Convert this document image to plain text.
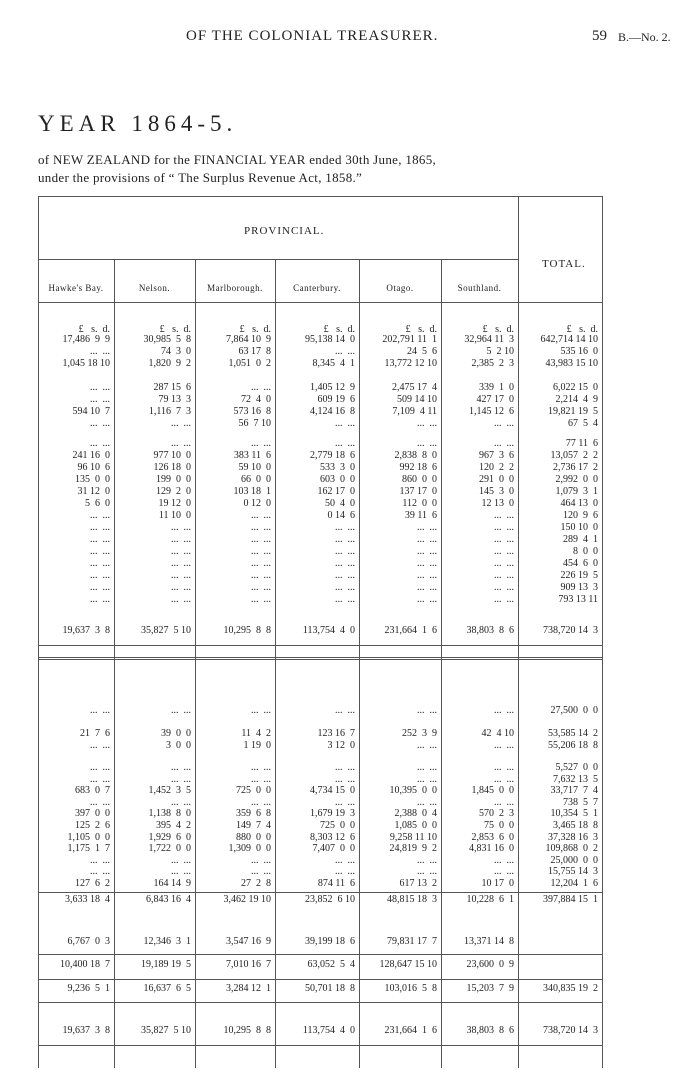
OF THE COLONIAL TREASURER.	59 B.—No. 2.
YEAR 1864-5.
of NEW ZEALAND for the FINANCIAL YEAR ended 30th June, 1865,
under the provisions of “ The Surplus Revenue Act, 1858.”
PROVINCIAL.
TOTAL.
Hawke's Bay.	Nelson.	Marlborough.	Canterbury.	Otago.	Southland.
£   s.  d.	£   s.  d.	£   s.  d.	£   s.  d.	£   s.  d.	£   s.  d.	£   s.  d.
17,486  9  9	30,985  5  8	7,864 10  9	95,138 14  0	202,791 11  1	32,964 11  3	642,714 14 10
...  ...	74  3  0	63 17  8	...  ...	24  5  6	5  2 10	535 16  0
1,045 18 10	1,820  9  2	1,051  0  2	8,345  4  1	13,772 12 10	2,385  2  3	43,983 15 10
...  ...	287 15  6	...  ...	1,405 12  9	2,475 17  4	339  1  0	6,022 15  0
...  ...	79 13  3	72  4  0	609 19  6	509 14 10	427 17  0	2,214  4  9
594 10  7	1,116  7  3	573 16  8	4,124 16  8	7,109  4 11	1,145 12  6	19,821 19  5
...  ...	...  ...	56  7 10	...  ...	...  ...	...  ...	67  5  4
...  ...	...  ...	...  ...	...  ...	...  ...	...  ...	77 11  6
241 16  0	977 10  0	383 11  6	2,779 18  6	2,838  8  0	967  3  6	13,057  2  2
96 10  6	126 18  0	59 10  0	533  3  0	992 18  6	120  2  2	2,736 17  2
135  0  0	199  0  0	66  0  0	603  0  0	860  0  0	291  0  0	2,992  0  0
31 12  0	129  2  0	103 18  1	162 17  0	137 17  0	145  3  0	1,079  3  1
5  6  0	19 12  0	0 12  0	50  4  0	112  0  0	12 13  0	464 13  0
...  ...	11 10  0	...  ...	0 14  6	39 11  6	...  ...	120  9  6
...  ...	...  ...	...  ...	...  ...	...  ...	...  ...	150 10  0
...  ...	...  ...	...  ...	...  ...	...  ...	...  ...	289  4  1
...  ...	...  ...	...  ...	...  ...	...  ...	...  ...	8  0  0
...  ...	...  ...	...  ...	...  ...	...  ...	...  ...	454  6  0
...  ...	...  ...	...  ...	...  ...	...  ...	...  ...	226 19  5
...  ...	...  ...	...  ...	...  ...	...  ...	...  ...	909 13  3
...  ...	...  ...	...  ...	...  ...	...  ...	...  ...	793 13 11
19,637  3  8	35,827  5 10	10,295  8  8	113,754  4  0	231,664  1  6	38,803  8  6	738,720 14  3
...  ...	...  ...	...  ...	...  ...	...  ...	...  ...	27,500  0  0
21  7  6	39  0  0	11  4  2	123 16  7	252  3  9	42  4 10	53,585 14  2
...  ...	3  0  0	1 19  0	3 12  0	...  ...	...  ...	55,206 18  8
...  ...	...  ...	...  ...	...  ...	...  ...	...  ...	5,527  0  0
...  ...	...  ...	...  ...	...  ...	...  ...	...  ...	7,632 13  5
683  0  7	1,452  3  5	725  0  0	4,734 15  0	10,395  0  0	1,845  0  0	33,717  7  4
...  ...	...  ...	...  ...	...  ...	...  ...	...  ...	738  5  7
397  0  0	1,138  8  0	359  6  8	1,679 19  3	2,388  0  4	570  2  3	10,354  5  1
125  2  6	395  4  2	149  7  4	725  0  0	1,085  0  0	75  0  0	3,465 18  8
1,105  0  0	1,929  6  0	880  0  0	8,303 12  6	9,258 11 10	2,853  6  0	37,328 16  3
1,175  1  7	1,722  0  0	1,309  0  0	7,407  0  0	24,819  9  2	4,831 16  0	109,868  0  2
...  ...	...  ...	...  ...	...  ...	...  ...	...  ...	25,000  0  0
...  ...	...  ...	...  ...	...  ...	...  ...	...  ...	15,755 14  3
127  6  2	164 14  9	27  2  8	874 11  6	617 13  2	10 17  0	12,204  1  6
3,633 18  4	6,843 16  4	3,462 19 10	23,852  6 10	48,815 18  3	10,228  6  1	397,884 15  1
6,767  0  3	12,346  3  1	3,547 16  9	39,199 18  6	79,831 17  7	13,371 14  8
10,400 18  7	19,189 19  5	7,010 16  7	63,052  5  4	128,647 15 10	23,600  0  9
9,236  5  1	16,637  6  5	3,284 12  1	50,701 18  8	103,016  5  8	15,203  7  9	340,835 19  2
19,637  3  8	35,827  5 10	10,295  8  8	113,754  4  0	231,664  1  6	38,803  8  6	738,720 14  3
